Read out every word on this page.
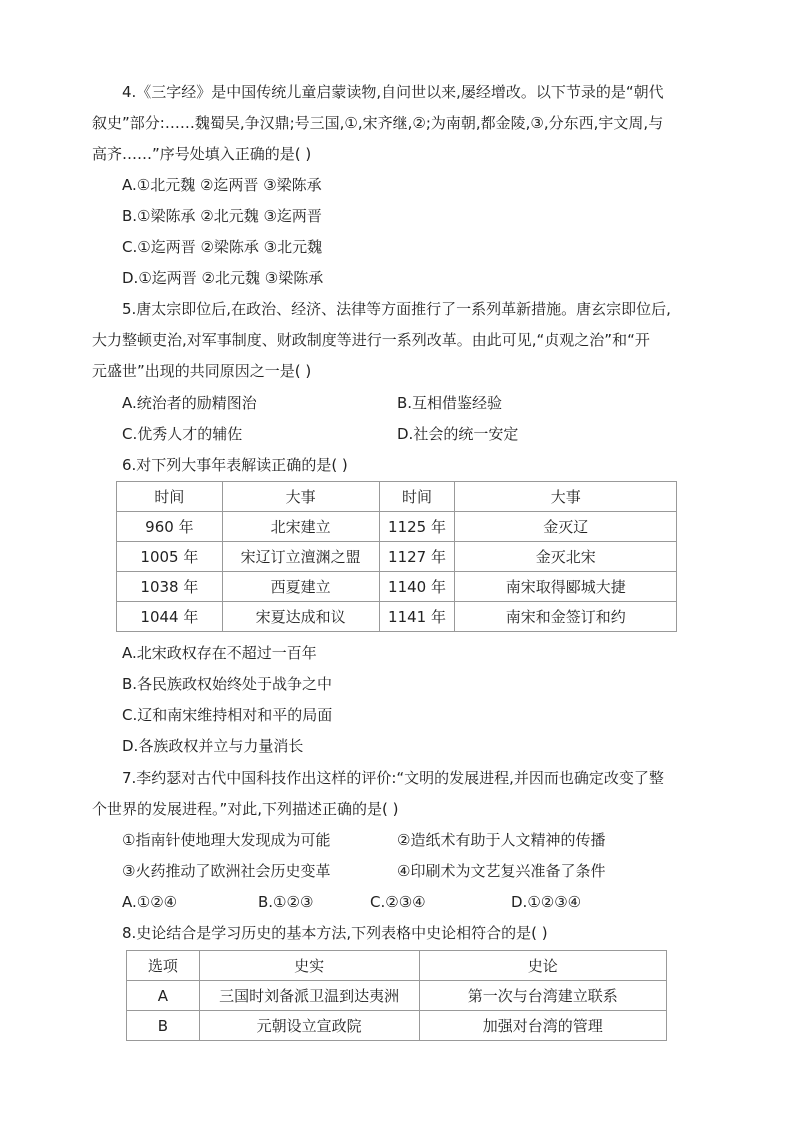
4.《三字经》是中国传统儿童启蒙读物,自问世以来,屡经增改。以下节录的是“朝代
叙史”部分:……魏蜀吴,争汉鼎;号三国,①,宋齐继,②;为南朝,都金陵,③,分东西,宇文周,与
高齐……”序号处填入正确的是( )
A.①北元魏 ②迄两晋 ③梁陈承
B.①梁陈承 ②北元魏 ③迄两晋
C.①迄两晋 ②梁陈承 ③北元魏
D.①迄两晋 ②北元魏 ③梁陈承
5.唐太宗即位后,在政治、经济、法律等方面推行了一系列革新措施。唐玄宗即位后,
大力整顿吏治,对军事制度、财政制度等进行一系列改革。由此可见,“贞观之治”和“开
元盛世”出现的共同原因之一是( )
A.统治者的励精图治	B.互相借鉴经验
C.优秀人才的辅佐	D.社会的统一安定
6.对下列大事年表解读正确的是( )
时间	大事	时间	大事
960 年	北宋建立	1125 年	金灭辽
1005 年	宋辽订立澶渊之盟	1127 年	金灭北宋
1038 年	西夏建立	1140 年	南宋取得郾城大捷
1044 年	宋夏达成和议	1141 年	南宋和金签订和约
A.北宋政权存在不超过一百年
B.各民族政权始终处于战争之中
C.辽和南宋维持相对和平的局面
D.各族政权并立与力量消长
7.李约瑟对古代中国科技作出这样的评价:“文明的发展进程,并因而也确定改变了整
个世界的发展进程。”对此,下列描述正确的是( )
①指南针使地理大发现成为可能	②造纸术有助于人文精神的传播
③火药推动了欧洲社会历史变革	④印刷术为文艺复兴准备了条件
A.①②④	B.①②③	C.②③④	D.①②③④
8.史论结合是学习历史的基本方法,下列表格中史论相符合的是( )
选项	史实	史论
A	三国时刘备派卫温到达夷洲	第一次与台湾建立联系
B	元朝设立宣政院	加强对台湾的管理
